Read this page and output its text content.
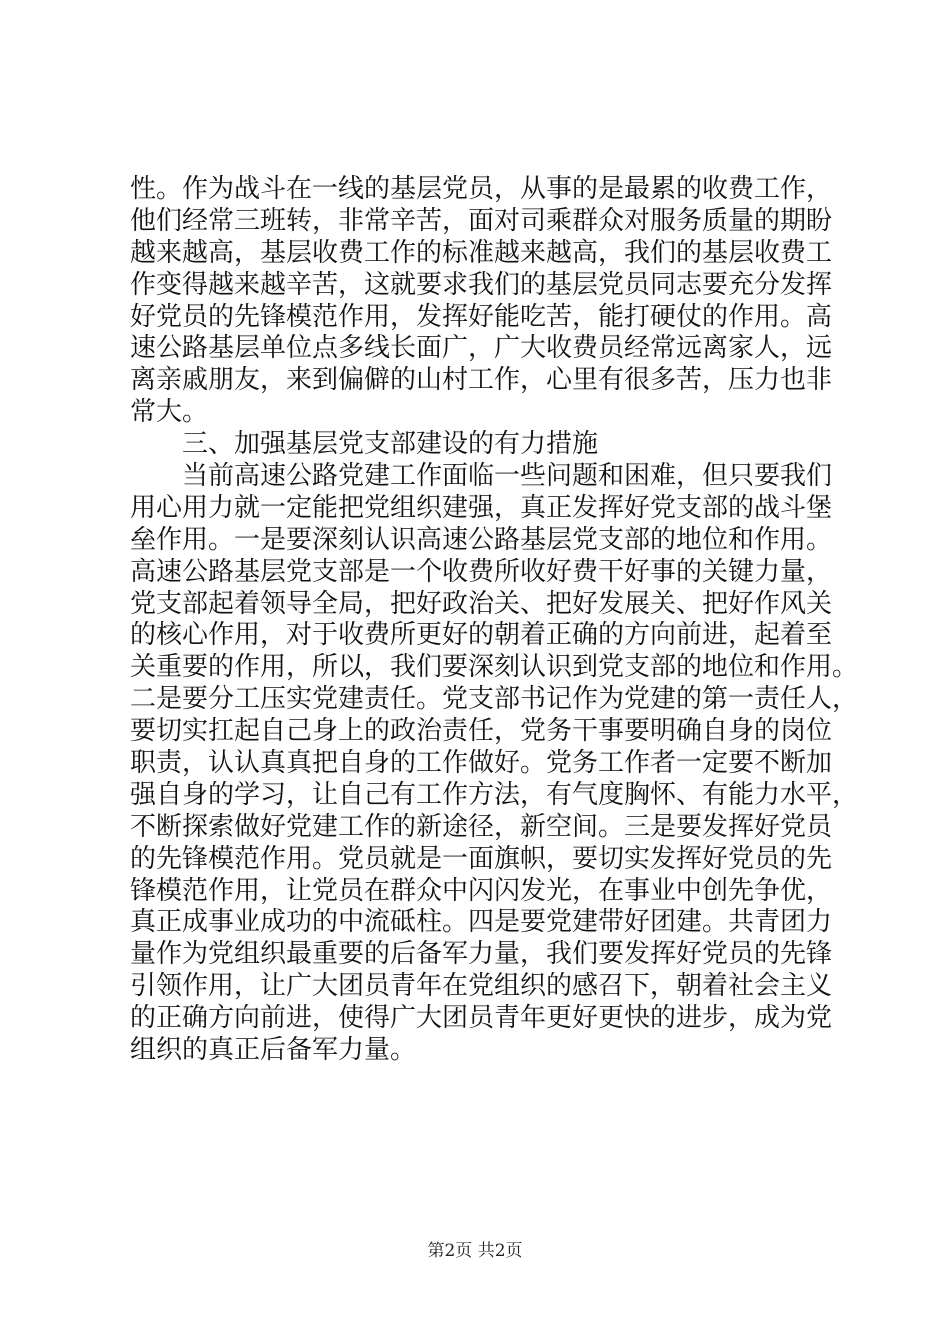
性。作为战斗在一线的基层党员，从事的是最累的收费工作，
他们经常三班转，非常辛苦，面对司乘群众对服务质量的期盼
越来越高，基层收费工作的标准越来越高，我们的基层收费工
作变得越来越辛苦，这就要求我们的基层党员同志要充分发挥
好党员的先锋模范作用，发挥好能吃苦，能打硬仗的作用。高
速公路基层单位点多线长面广，广大收费员经常远离家人，远
离亲戚朋友，来到偏僻的山村工作，心里有很多苦，压力也非
常大。
三、加强基层党支部建设的有力措施
当前高速公路党建工作面临一些问题和困难，但只要我们
用心用力就一定能把党组织建强，真正发挥好党支部的战斗堡
垒作用。一是要深刻认识高速公路基层党支部的地位和作用。
高速公路基层党支部是一个收费所收好费干好事的关键力量，
党支部起着领导全局，把好政治关、把好发展关、把好作风关
的核心作用，对于收费所更好的朝着正确的方向前进，起着至
关重要的作用，所以，我们要深刻认识到党支部的地位和作用。
二是要分工压实党建责任。党支部书记作为党建的第一责任人，
要切实扛起自己身上的政治责任，党务干事要明确自身的岗位
职责，认认真真把自身的工作做好。党务工作者一定要不断加
强自身的学习，让自己有工作方法，有气度胸怀、有能力水平，
不断探索做好党建工作的新途径，新空间。三是要发挥好党员
的先锋模范作用。党员就是一面旗帜，要切实发挥好党员的先
锋模范作用，让党员在群众中闪闪发光，在事业中创先争优，
真正成事业成功的中流砥柱。四是要党建带好团建。共青团力
量作为党组织最重要的后备军力量，我们要发挥好党员的先锋
引领作用，让广大团员青年在党组织的感召下，朝着社会主义
的正确方向前进，使得广大团员青年更好更快的进步，成为党
组织的真正后备军力量。
第2页 共2页
